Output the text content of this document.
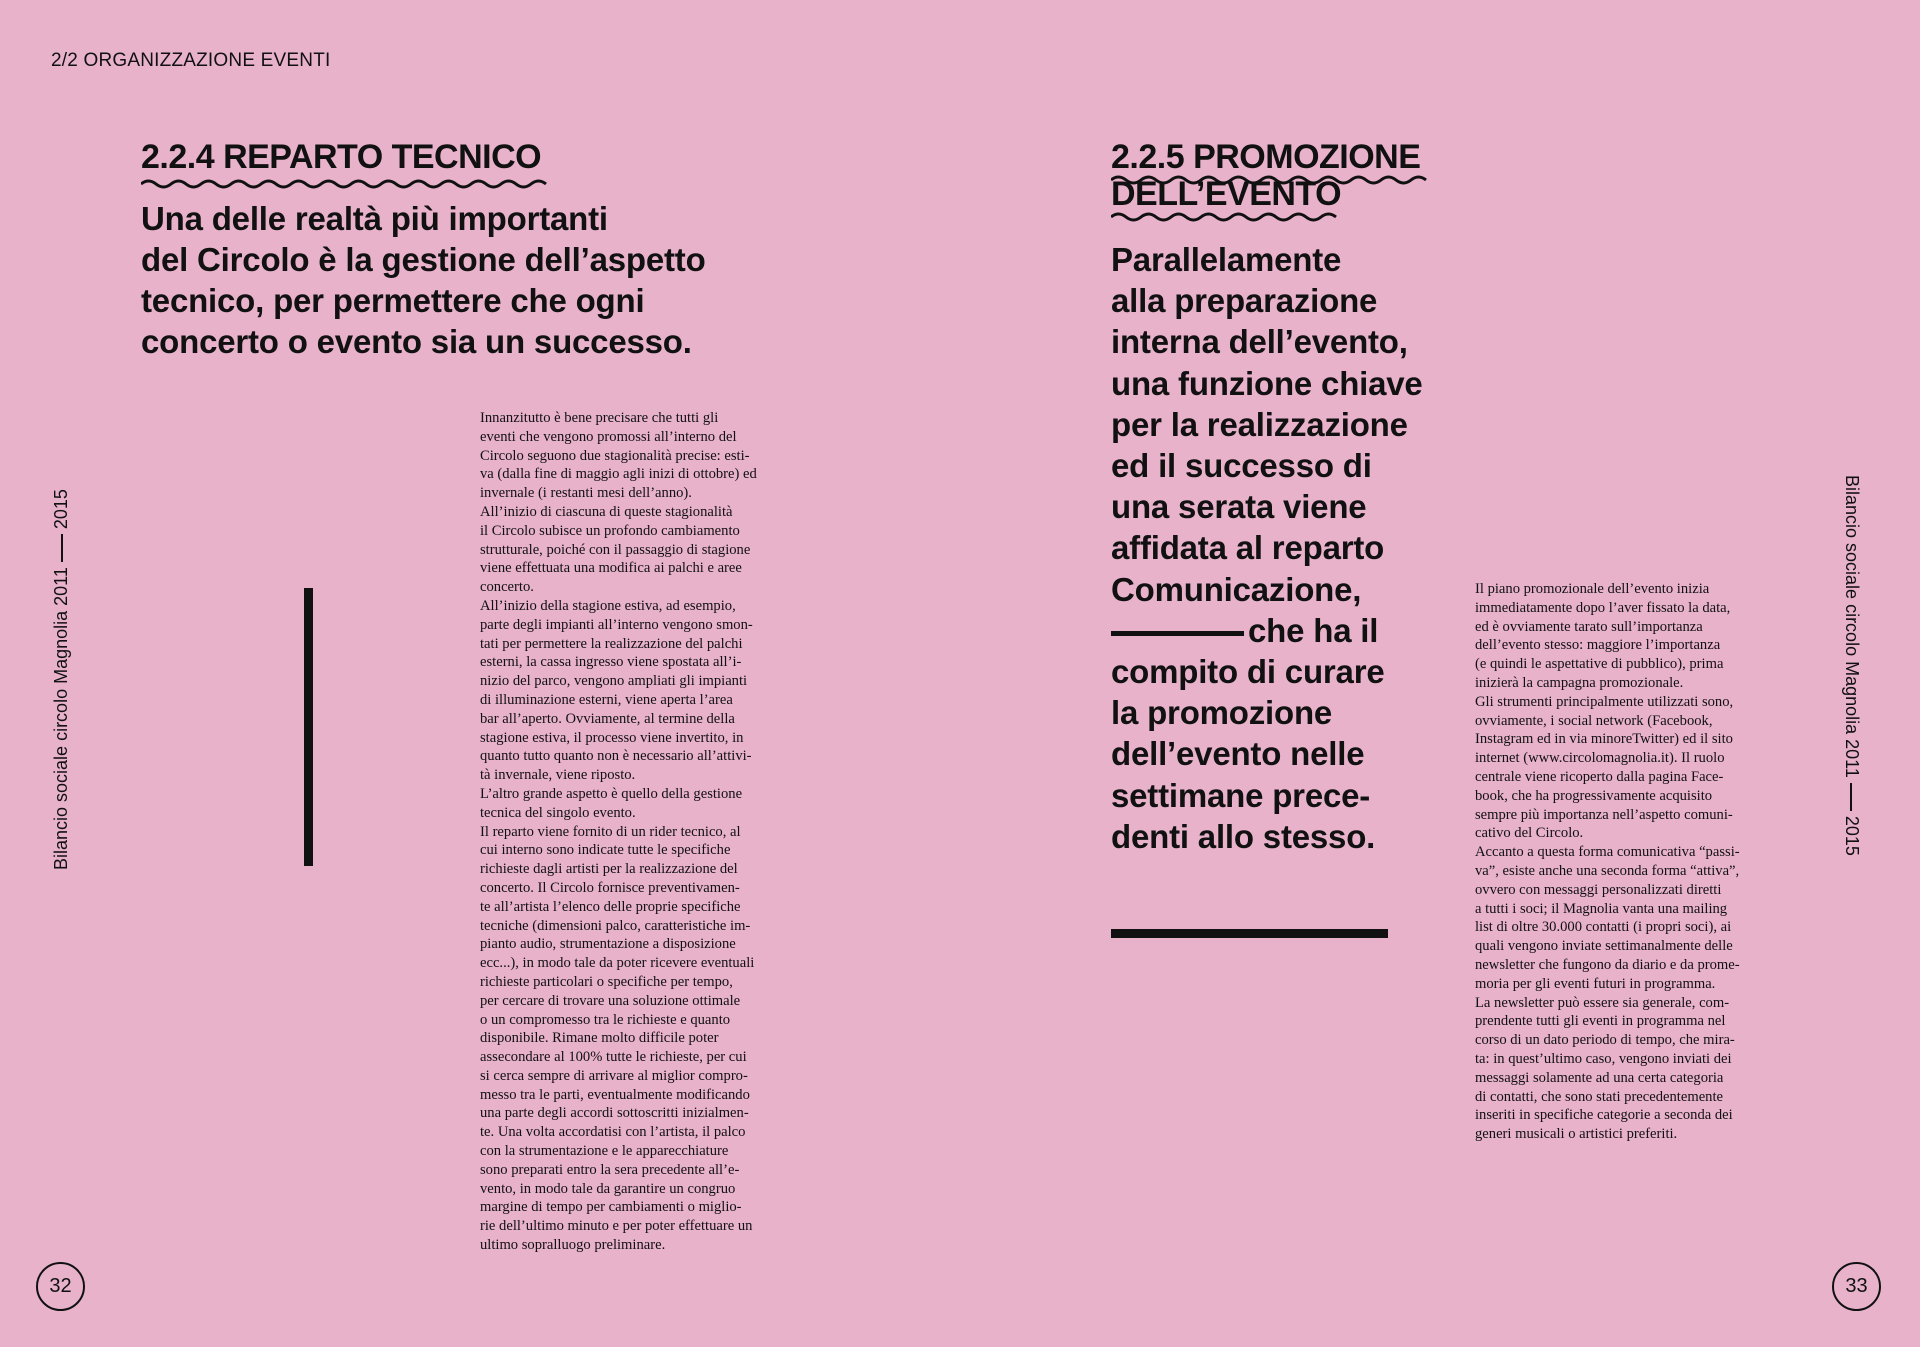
2/2 ORGANIZZAZIONE EVENTI
Bilancio sociale circolo Magnolia 20112015	Bilancio sociale circolo Magnolia 20112015
2.2.4 REPARTO TECNICO
Una delle realtà più importanti
del Circolo è la gestione dell’aspetto
tecnico, per permettere che ogni
concerto o evento sia un successo.
Innanzitutto è bene precisare che tutti gli
eventi che vengono promossi all’interno del
Circolo seguono due stagionalità precise: esti-
va (dalla fine di maggio agli inizi di ottobre) ed
invernale (i restanti mesi dell’anno).
All’inizio di ciascuna di queste stagionalità
il Circolo subisce un profondo cambiamento
strutturale, poiché con il passaggio di stagione
viene effettuata una modifica ai palchi e aree
concerto.
All’inizio della stagione estiva, ad esempio,
parte degli impianti all’interno vengono smon-
tati per permettere la realizzazione del palchi
esterni, la cassa ingresso viene spostata all’i-
nizio del parco, vengono ampliati gli impianti
di illuminazione esterni, viene aperta l’area
bar all’aperto. Ovviamente, al termine della
stagione estiva, il processo viene invertito, in
quanto tutto quanto non è necessario all’attivi-
tà invernale, viene riposto.
L’altro grande aspetto è quello della gestione
tecnica del singolo evento.
Il reparto viene fornito di un rider tecnico, al
cui interno sono indicate tutte le specifiche
richieste dagli artisti per la realizzazione del
concerto. Il Circolo fornisce preventivamen-
te all’artista l’elenco delle proprie specifiche
tecniche (dimensioni palco, caratteristiche im-
pianto audio, strumentazione a disposizione
ecc...), in modo tale da poter ricevere eventuali
richieste particolari o specifiche per tempo,
per cercare di trovare una soluzione ottimale
o un compromesso tra le richieste e quanto
disponibile. Rimane molto difficile poter
assecondare al 100% tutte le richieste, per cui
si cerca sempre di arrivare al miglior compro-
messo tra le parti, eventualmente modificando
una parte degli accordi sottoscritti inizialmen-
te. Una volta accordatisi con l’artista, il palco
con la strumentazione e le apparecchiature
sono preparati entro la sera precedente all’e-
vento, in modo tale da garantire un congruo
margine di tempo per cambiamenti o miglio-
rie dell’ultimo minuto e per poter effettuare un
ultimo sopralluogo preliminare.
32
2.2.5 PROMOZIONE
DELL’EVENTO
Parallelamente
alla preparazione
interna dell’evento,
una funzione chiave
per la realizzazione
ed il successo di
una serata viene
affidata al reparto
Comunicazione,
che ha il
compito di curare
la promozione
dell’evento nelle
settimane prece-
denti allo stesso.
Il piano promozionale dell’evento inizia
immediatamente dopo l’aver fissato la data,
ed è ovviamente tarato sull’importanza
dell’evento stesso: maggiore l’importanza
(e quindi le aspettative di pubblico), prima
inizierà la campagna promozionale.
Gli strumenti principalmente utilizzati sono,
ovviamente, i social network (Facebook,
Instagram ed in via minoreTwitter) ed il sito
internet (www.circolomagnolia.it). Il ruolo
centrale viene ricoperto dalla pagina Face-
book, che ha progressivamente acquisito
sempre più importanza nell’aspetto comuni-
cativo del Circolo.
Accanto a questa forma comunicativa “passi-
va”, esiste anche una seconda forma “attiva”,
ovvero con messaggi personalizzati diretti
a tutti i soci; il Magnolia vanta una mailing
list di oltre 30.000 contatti (i propri soci), ai
quali vengono inviate settimanalmente delle
newsletter che fungono da diario e da prome-
moria per gli eventi futuri in programma.
La newsletter può essere sia generale, com-
prendente tutti gli eventi in programma nel
corso di un dato periodo di tempo, che mira-
ta: in quest’ultimo caso, vengono inviati dei
messaggi solamente ad una certa categoria
di contatti, che sono stati precedentemente
inseriti in specifiche categorie a seconda dei
generi musicali o artistici preferiti.
33
